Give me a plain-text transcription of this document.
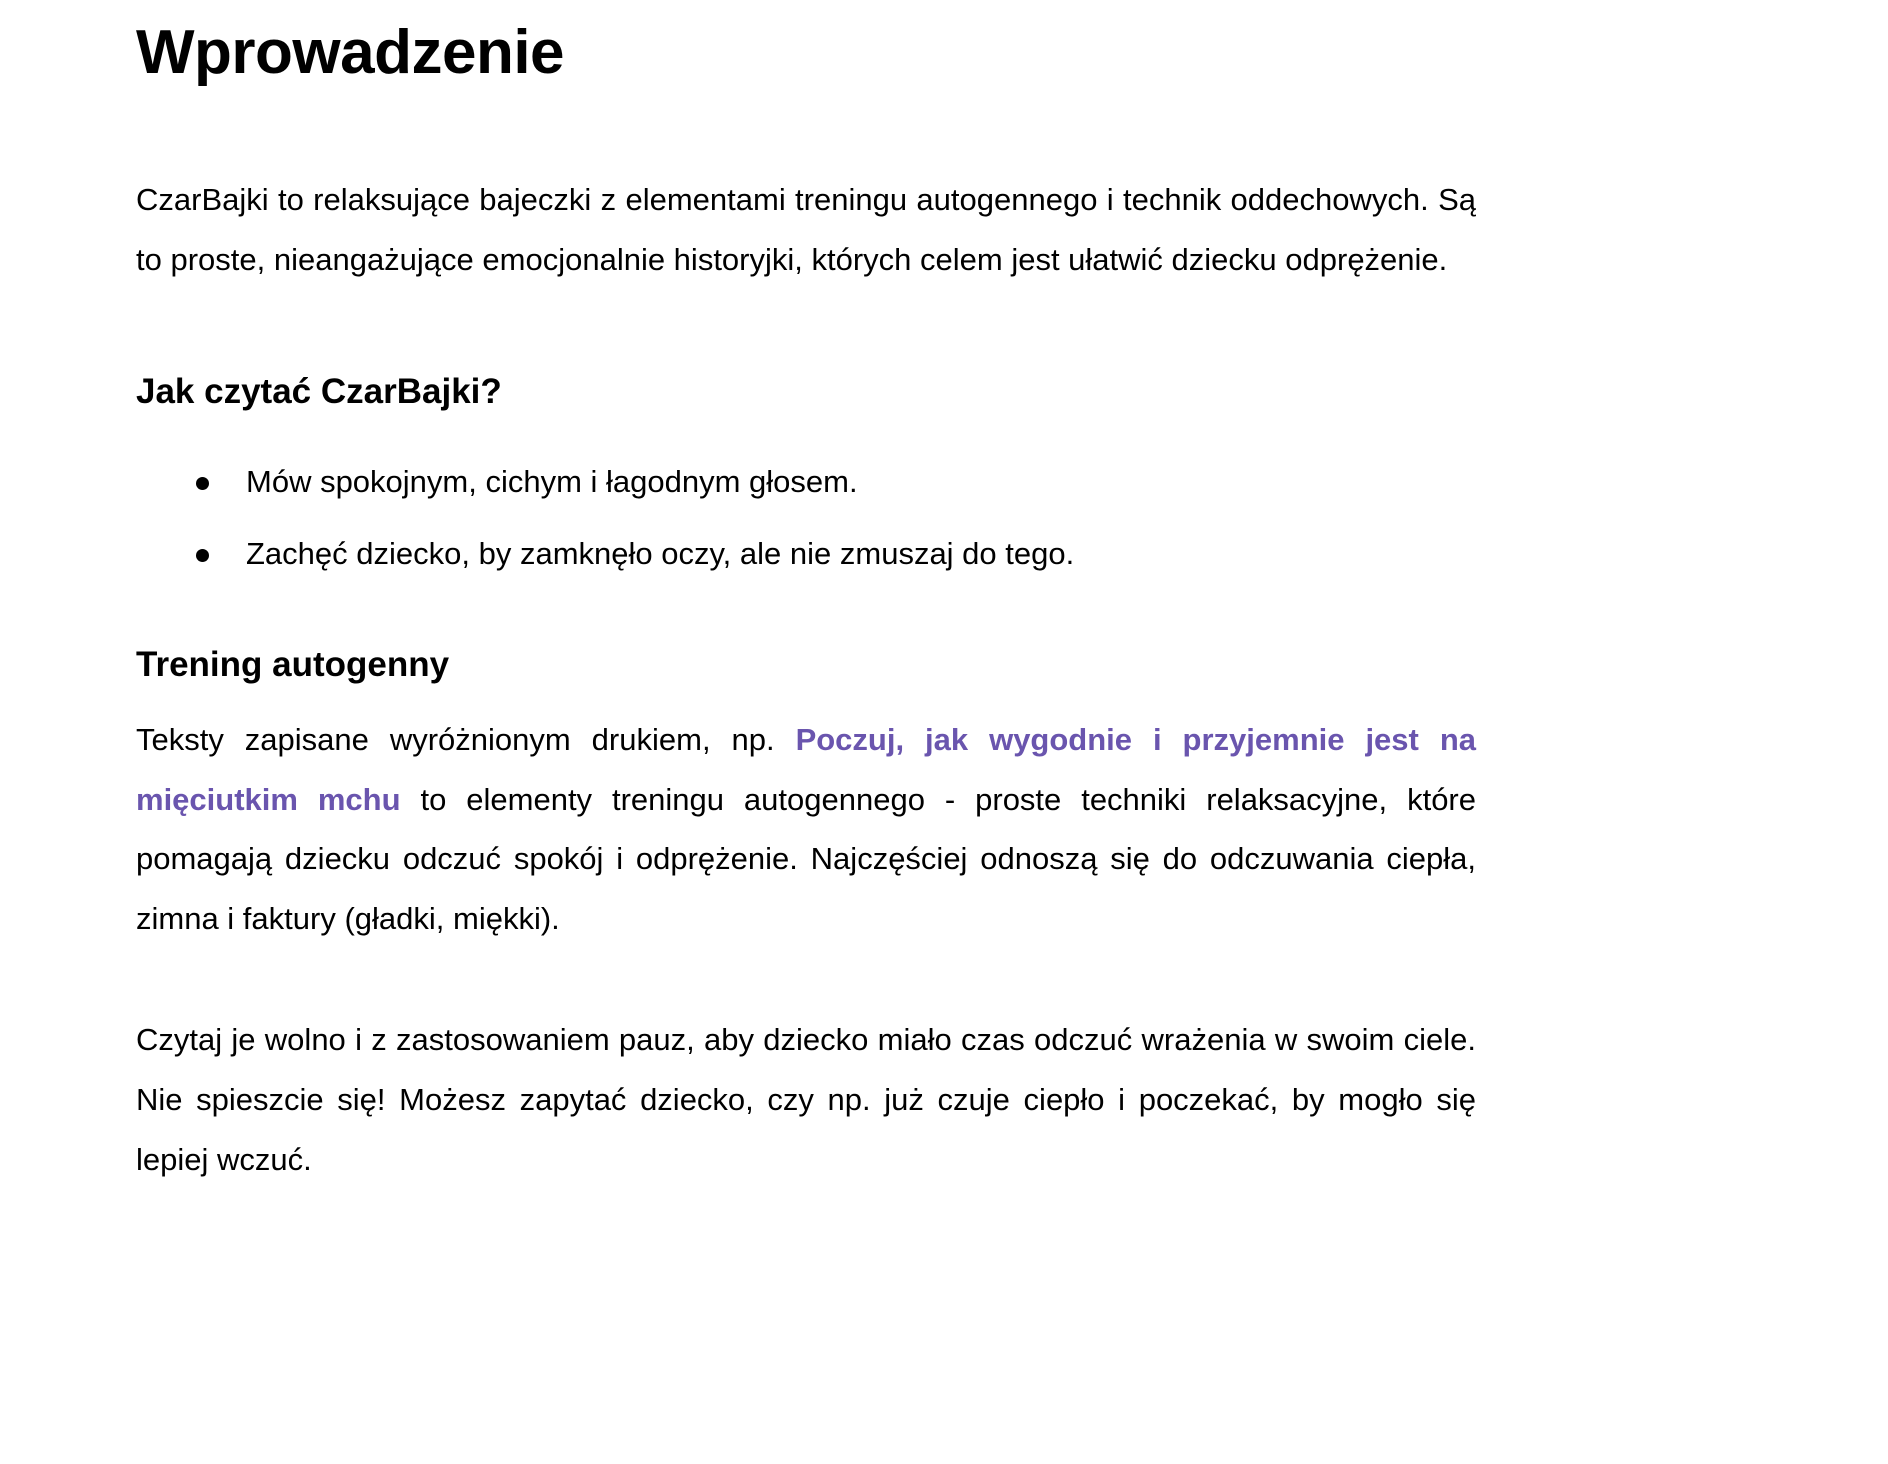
Wprowadzenie

CzarBajki to relaksujące bajeczki z elementami treningu autogennego i technik oddechowych. Są to proste, nieangażujące emocjonalnie historyjki, których celem jest ułatwić dziecku odprężenie.

Jak czytać CzarBajki?
Mów spokojnym, cichym i łagodnym głosem.
Zachęć dziecko, by zamknęło oczy, ale nie zmuszaj do tego.
Trening autogenny

Teksty zapisane wyróżnionym drukiem, np. Poczuj, jak wygodnie i przyjemnie jest na mięciutkim mchu to elementy treningu autogennego - proste techniki relaksacyjne, które pomagają dziecku odczuć spokój i odprężenie. Najczęściej odnoszą się do odczuwania ciepła, zimna i faktury (gładki, miękki).

Czytaj je wolno i z zastosowaniem pauz, aby dziecko miało czas odczuć wrażenia w swoim ciele. Nie spieszcie się! Możesz zapytać dziecko, czy np. już czuje ciepło i poczekać, by mogło się lepiej wczuć.
